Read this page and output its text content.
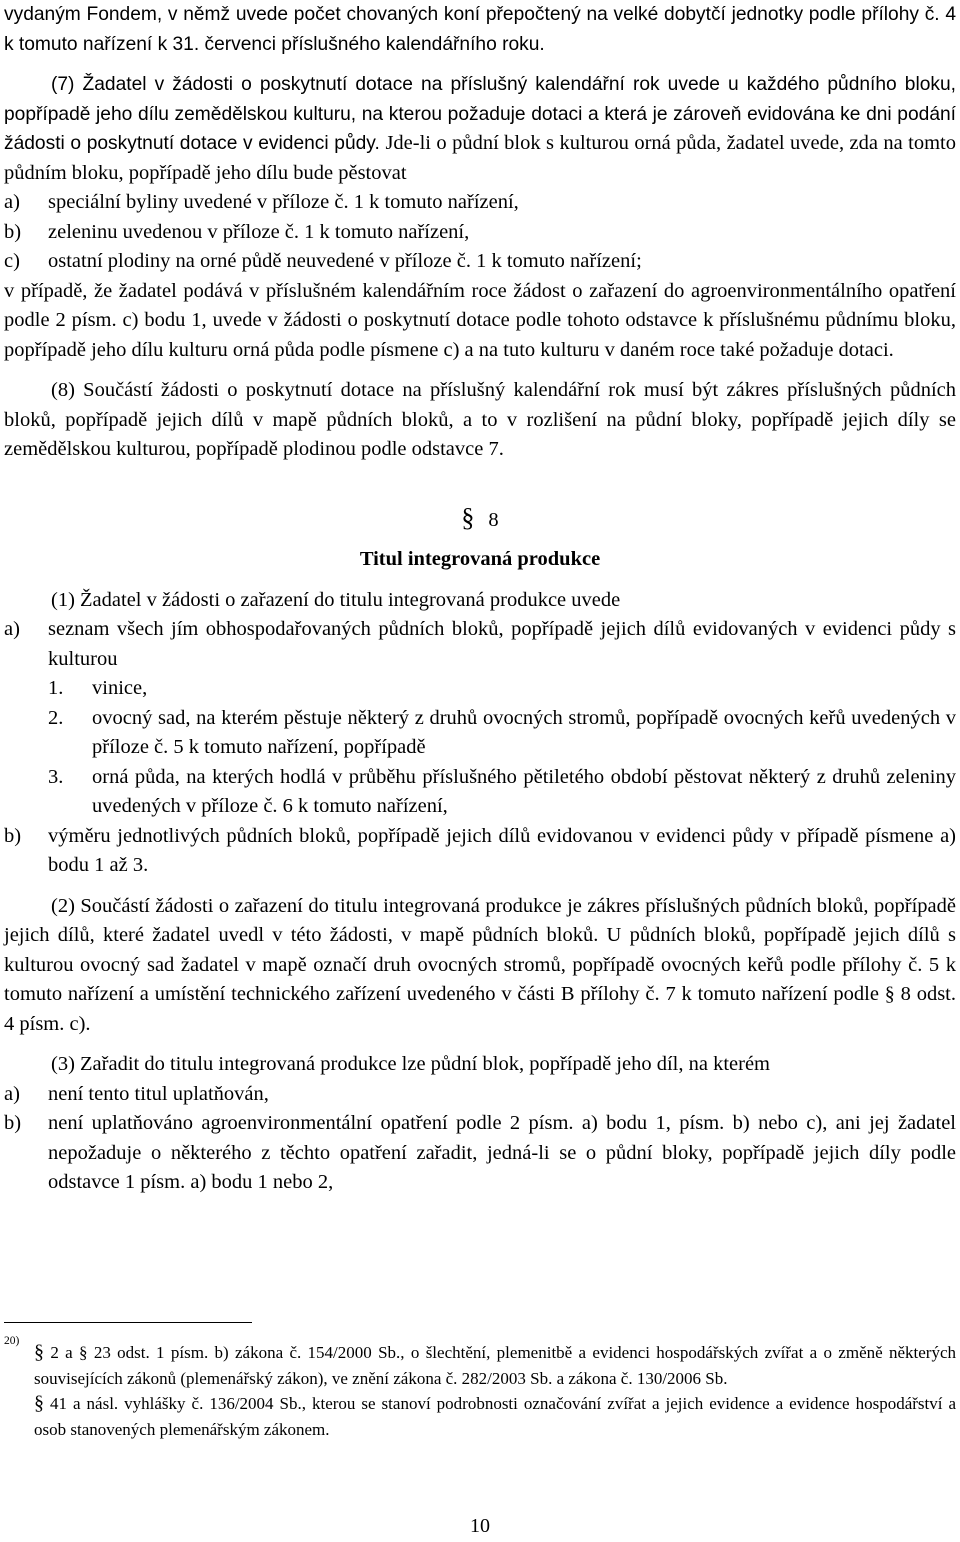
vydaným Fondem, v němž uvede počet chovaných koní přepočtený na velké dobytčí jednotky podle přílohy č. 4 k tomuto nařízení k 31. červenci příslušného kalendářního roku.

(7) Žadatel v žádosti o poskytnutí dotace na příslušný kalendářní rok uvede u každého půdního bloku, popřípadě jeho dílu zemědělskou kulturu, na kterou požaduje dotaci a která je zároveň evidována ke dni podání žádosti o poskytnutí dotace v evidenci půdy. Jde-li o půdní blok s kulturou orná půda, žadatel uvede, zda na tomto půdním bloku, popřípadě jeho dílu bude pěstovat

a)	speciální byliny uvedené v příloze č. 1 k tomuto nařízení,
b)	zeleninu uvedenou v příloze č. 1 k tomuto nařízení,
c)	ostatní plodiny na orné půdě neuvedené v příloze č. 1 k tomuto nařízení;

v případě, že žadatel podává v příslušném kalendářním roce žádost o zařazení do agroenvironmentálního opatření podle 2 písm. c) bodu 1, uvede v žádosti o poskytnutí dotace podle tohoto odstavce k příslušnému půdnímu bloku, popřípadě jeho dílu kulturu orná půda podle písmene c) a na tuto kulturu v daném roce také požaduje dotaci.

(8) Součástí žádosti o poskytnutí dotace na příslušný kalendářní rok musí být zákres příslušných půdních bloků, popřípadě jejich dílů v mapě půdních bloků, a to v rozlišení na půdní bloky, popřípadě jejich díly se zemědělskou kulturou, popřípadě plodinou podle odstavce 7.

§ 8
Titul integrovaná produkce

(1) Žadatel v žádosti o zařazení do titulu integrovaná produkce uvede

a)	seznam všech jím obhospodařovaných půdních bloků, popřípadě jejich dílů evidovaných v evidenci půdy s kulturou
1.	vinice,
2.	ovocný sad, na kterém pěstuje některý z druhů ovocných stromů, popřípadě ovocných keřů uvedených v příloze č. 5 k tomuto nařízení, popřípadě
3.	orná půda, na kterých hodlá v průběhu příslušného pětiletého období pěstovat některý z druhů zeleniny uvedených v příloze č. 6 k tomuto nařízení,
b)	výměru jednotlivých půdních bloků, popřípadě jejich dílů evidovanou v evidenci půdy v případě písmene a) bodu 1 až 3.

(2) Součástí žádosti o zařazení do titulu integrovaná produkce je zákres příslušných půdních bloků, popřípadě jejich dílů, které žadatel uvedl v této žádosti, v mapě půdních bloků. U půdních bloků, popřípadě jejich dílů s kulturou ovocný sad žadatel v mapě označí druh ovocných stromů, popřípadě ovocných keřů podle přílohy č. 5 k tomuto nařízení a umístění technického zařízení uvedeného v části B přílohy č. 7 k tomuto nařízení podle § 8 odst. 4 písm. c).

(3) Zařadit do titulu integrovaná produkce lze půdní blok, popřípadě jeho díl, na kterém

a)	není tento titul uplatňován,
b)	není uplatňováno agroenvironmentální opatření podle 2 písm. a) bodu 1, písm. b) nebo c), ani jej žadatel nepožaduje o některého z těchto opatření zařadit, jedná-li se o půdní bloky, popřípadě jejich díly podle odstavce 1 písm. a) bodu 1 nebo 2,
20) § 2 a § 23 odst. 1 písm. b) zákona č. 154/2000 Sb., o šlechtění, plemenitbě a evidenci hospodářských zvířat a o změně některých souvisejících zákonů (plemenářský zákon), ve znění zákona č. 282/2003 Sb. a zákona č. 130/2006 Sb.
§ 41 a násl. vyhlášky č. 136/2004 Sb., kterou se stanoví podrobnosti označování zvířat a jejich evidence a evidence hospodářství a osob stanovených plemenářským zákonem.
10
